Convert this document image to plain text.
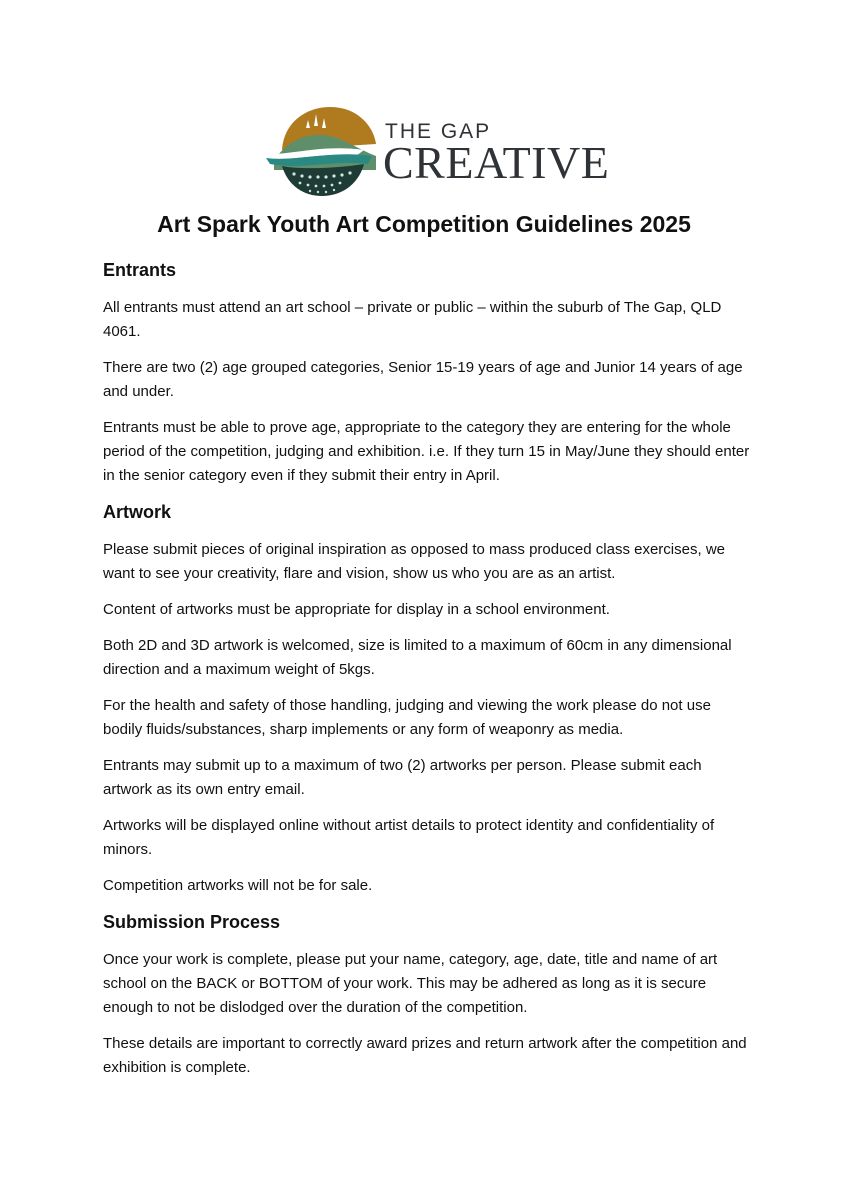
THE GAP
CREATIVE
Art Spark Youth Art Competition Guidelines 2025
Entrants

All entrants must attend an art school – private or public – within the suburb of The Gap, QLD 4061.

There are two (2) age grouped categories, Senior 15-19 years of age and Junior 14 years of age and under.

Entrants must be able to prove age, appropriate to the category they are entering for the whole period of the competition, judging and exhibition. i.e. If they turn 15 in May/June they should enter in the senior category even if they submit their entry in April.

Artwork

Please submit pieces of original inspiration as opposed to mass produced class exercises, we want to see your creativity, flare and vision, show us who you are as an artist.

Content of artworks must be appropriate for display in a school environment.

Both 2D and 3D artwork is welcomed, size is limited to a maximum of 60cm in any dimensional direction and a maximum weight of 5kgs.

For the health and safety of those handling, judging and viewing the work please do not use bodily fluids/substances, sharp implements or any form of weaponry as media.

Entrants may submit up to a maximum of two (2) artworks per person. Please submit each artwork as its own entry email.

Artworks will be displayed online without artist details to protect identity and confidentiality of minors.

Competition artworks will not be for sale.

Submission Process

Once your work is complete, please put your name, category, age, date, title and name of art school on the BACK or BOTTOM of your work. This may be adhered as long as it is secure enough to not be dislodged over the duration of the competition.

These details are important to correctly award prizes and return artwork after the competition and exhibition is complete.
